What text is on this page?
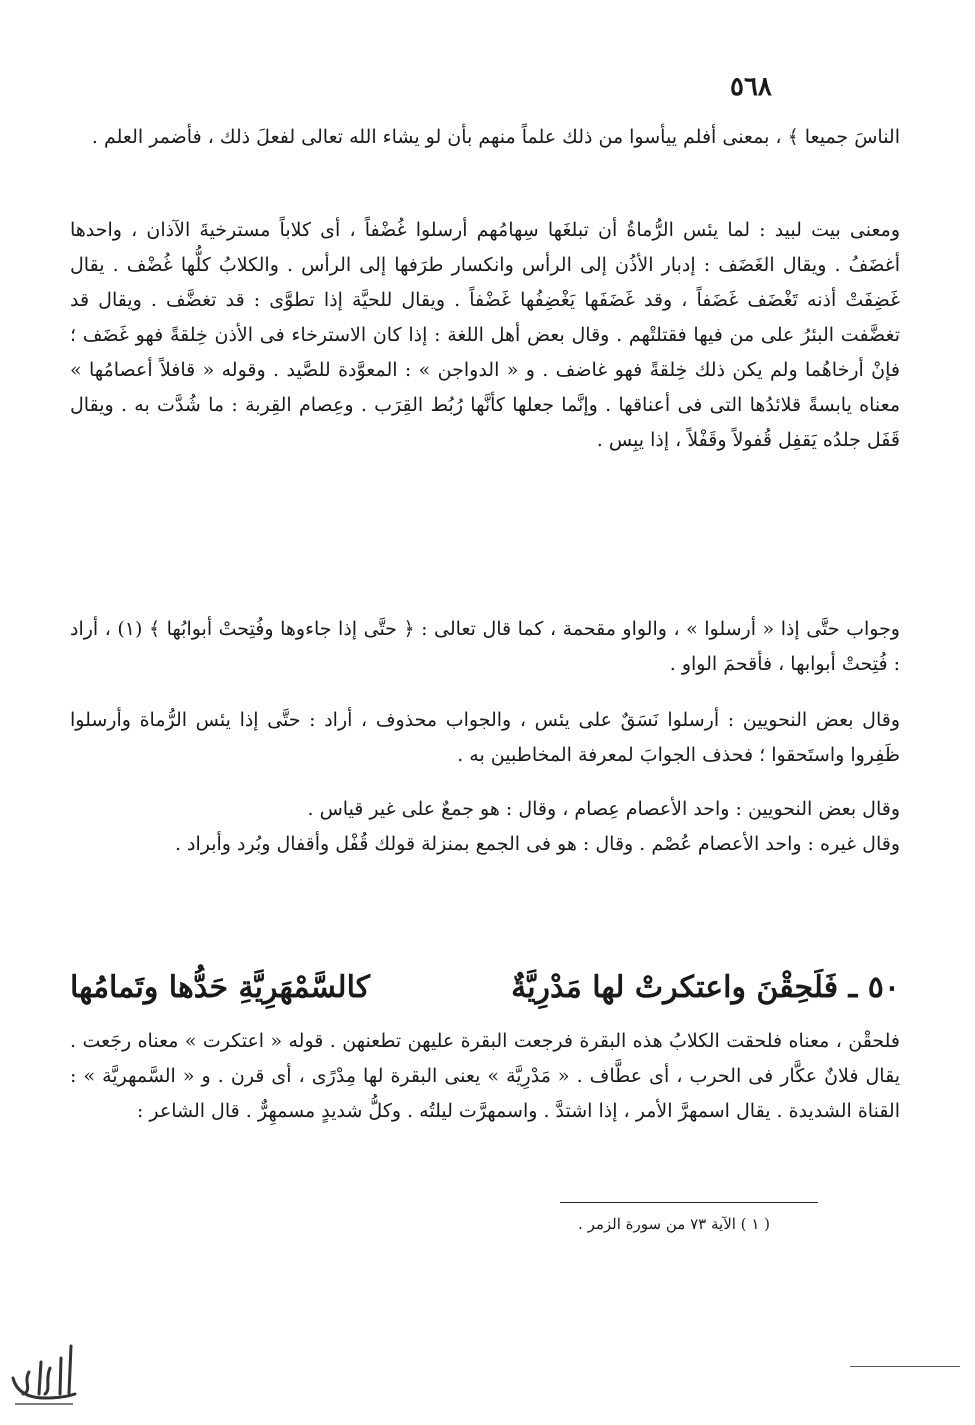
٥٦٨

الناسَ جميعا ﴾ ، بمعنى أفلم ييأسوا من ذلك علماً منهم بأن لو يشاء الله تعالى لفعلَ ذلك ، فأضمر العلم .

ومعنى بيت لبيد : لما يئس الرُّماةُ أن تبلغَها سِهامُهم أرسلوا غُضْفاً ، أى كلاباً مسترخيةَ الآذان ، واحدها أغضَفُ . ويقال الغَضَف : إدبار الأذُن إلى الرأس وانكسار طرَفها إلى الرأس . والكلابُ كلُّها غُضْف . يقال غَضِفَتْ أذنه تَغْضَف غَضَفاً ، وقد غَضَفَها يَغْضِفُها غَضْفاً . ويقال للحيَّة إذا تطوَّى : قد تغضَّف . ويقال قد تغضَّفت البئرُ على من فيها فقتلتْهم . وقال بعض أهل اللغة : إذا كان الاسترخاء فى الأذن خِلقةً فهو غَضَف ؛ فإنْ أرخاهُما ولم يكن ذلك خِلقةً فهو غاضف . و « الدواجن » : المعوَّدة للصَّيد . وقوله « قافلاً أعصامُها » معناه يابسةً قلائدُها التى فى أعناقها . وإنَّما جعلها كأنَّها رُبُط القِرَب . وعِصام القِربة : ما شُدَّت به . ويقال قَفَل جلدُه يَقفِل قُفولاً وقَفْلاً ، إذا يبِس .

وجواب حتَّى إذا « أرسلوا » ، والواو مقحمة ، كما قال تعالى : ﴿ حتَّى إذا جاءوها وفُتِحتْ أبوابُها ﴾ (١) ، أراد : فُتِحتْ أبوابها ، فأقحمَ الواو .

وقال بعض النحويين : أرسلوا نَسَقٌ على يئس ، والجواب محذوف ، أراد : حتَّى إذا يئس الرُّماة وأرسلوا ظَفِروا واستَحقوا ؛ فحذف الجوابَ لمعرفة المخاطبين به .

وقال بعض النحويين : واحد الأعصام عِصام ، وقال : هو جمعٌ على غير قياس .

وقال غيره : واحد الأعصام عُصْم . وقال : هو فى الجمع بمنزلة قولك قُفْل وأقفال وبُرد وأبراد .

٥٠ ـ فَلَحِقْنَ واعتكرتْ لها مَدْرِيَّةٌ
كالسَّمْهَرِيَّةِ حَدُّها وتَمامُها

فلحقْن ، معناه فلحقت الكلابُ هذه البقرة فرجعت البقرة عليهن تطعنهن . قوله « اعتكرت » معناه رجَعت . يقال فلانٌ عكَّار فى الحرب ، أى عطَّاف . « مَدْرِيَّة » يعنى البقرة لها مِدْرًى ، أى قرن . و « السَّمهريَّة » : القناة الشديدة . يقال اسمهرَّ الأمر ، إذا اشتدَّ . واسمهرَّت ليلتُه . وكلُّ شديدٍ مسمهِرٌّ . قال الشاعر :

( ١ ) الآية ٧٣ من سورة الزمر .
